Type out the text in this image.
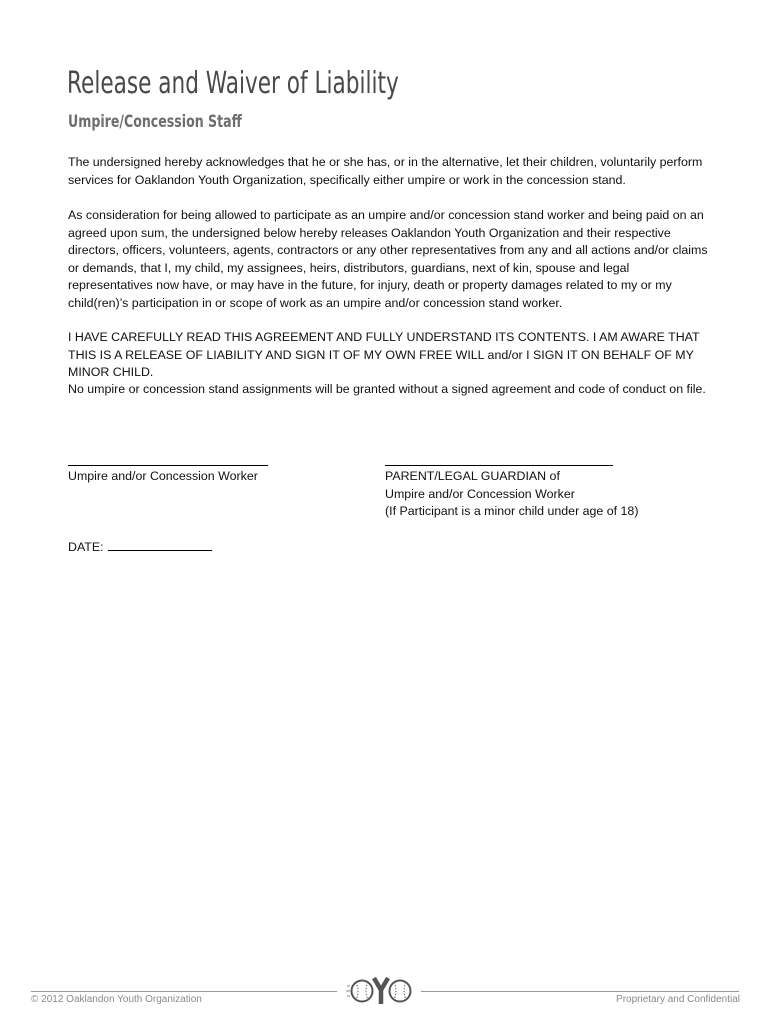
Release and Waiver of Liability
Umpire/Concession Staff

The undersigned hereby acknowledges that he or she has, or in the alternative, let their children, voluntarily perform services for Oaklandon Youth Organization, specifically either umpire or work in the concession stand.

As consideration for being allowed to participate as an umpire and/or concession stand worker and being paid on an agreed upon sum, the undersigned below hereby releases Oaklandon Youth Organization and their respective directors, officers, volunteers, agents, contractors or any other representatives from any and all actions and/or claims or demands, that I, my child, my assignees, heirs, distributors, guardians, next of kin, spouse and legal representatives now have, or may have in the future, for injury, death or property damages related to my or my child(ren)’s participation in or scope of work as an umpire and/or concession stand worker.

I HAVE CAREFULLY READ THIS AGREEMENT AND FULLY UNDERSTAND ITS CONTENTS. I AM AWARE THAT THIS IS A RELEASE OF LIABILITY AND SIGN IT OF MY OWN FREE WILL and/or I SIGN IT ON BEHALF OF MY MINOR CHILD.

No umpire or concession stand assignments will be granted without a signed agreement and code of conduct on file.

Umpire and/or Concession Worker	PARENT/LEGAL GUARDIAN of
Umpire and/or Concession Worker
(If Participant is a minor child under age of 18)
DATE:
© 2012 Oaklandon Youth Organization	Proprietary and Confidential
